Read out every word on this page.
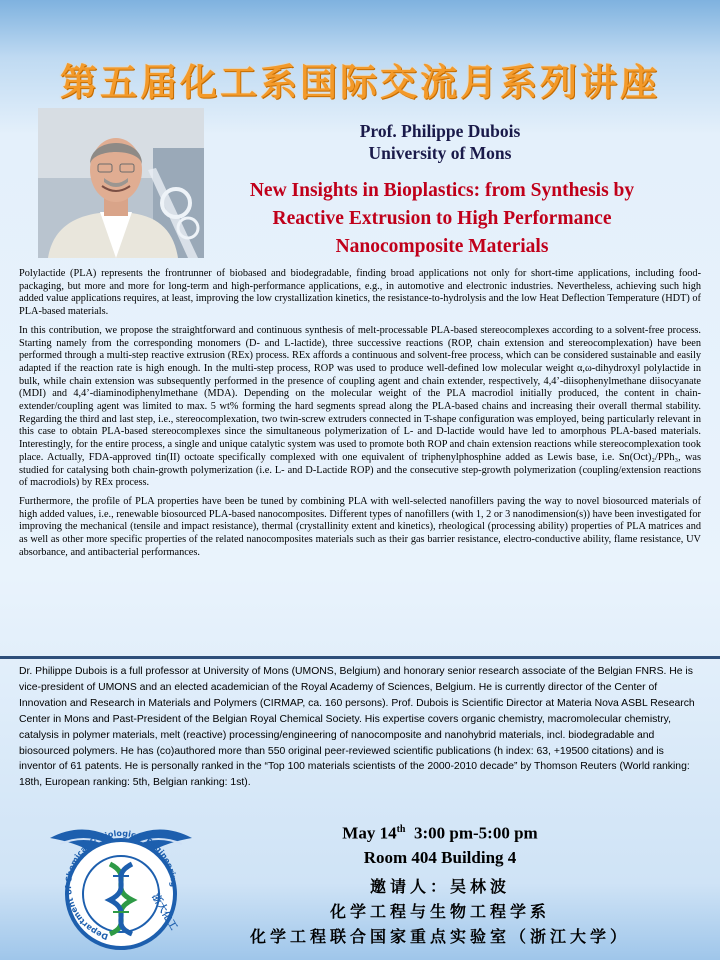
第五届化工系国际交流月系列讲座
Prof. Philippe Dubois
University of Mons
New Insights in Bioplastics: from Synthesis by Reactive Extrusion to High Performance Nanocomposite Materials

Polylactide (PLA) represents the frontrunner of biobased and biodegradable, finding broad applications not only for short-time applications, including food-packaging, but more and more for long-term and high-performance applications, e.g., in automotive and electronic industries. Nevertheless, achieving such high added value applications requires, at least, improving the low crystallization kinetics, the resistance-to-hydrolysis and the low Heat Deflection Temperature (HDT) of PLA-based materials.

In this contribution, we propose the straightforward and continuous synthesis of melt-processable PLA-based stereocomplexes according to a solvent-free process. Starting namely from the corresponding monomers (D- and L-lactide), three successive reactions (ROP, chain extension and stereocomplexation) have been performed through a multi-step reactive extrusion (REx) process. REx affords a continuous and solvent-free process, which can be considered sustainable and easily adapted if the reaction rate is high enough. In the multi-step process, ROP was used to produce well-defined low molecular weight α,ω-dihydroxyl polylactide in bulk, while chain extension was subsequently performed in the presence of coupling agent and chain extender, respectively, 4,4’-diisophenylmethane diisocyanate (MDI) and 4,4’-diaminodiphenylmethane (MDA). Depending on the molecular weight of the PLA macrodiol initially produced, the content in chain-extender/coupling agent was limited to max. 5 wt% forming the hard segments spread along the PLA-based chains and increasing their overall thermal stability. Regarding the third and last step, i.e., stereocomplexation, two twin-screw extruders connected in T-shape configuration was employed, being particularly relevant in this case to obtain PLA-based stereocomplexes since the simultaneous polymerization of L- and D-lactide would have led to amorphous PLA-based materials. Interestingly, for the entire process, a single and unique catalytic system was used to promote both ROP and chain extension reactions while stereocomplexation took place. Actually, FDA-approved tin(II) octoate specifically complexed with one equivalent of triphenylphosphine added as Lewis base, i.e. Sn(Oct)₂/PPh₃, was studied for catalysing both chain-growth polymerization (i.e. L- and D-Lactide ROP) and the consecutive step-growth polymerization (coupling/extension reactions of macrodiols) by REx process.

Furthermore, the profile of PLA properties have been be tuned by combining PLA with well-selected nanofillers paving the way to novel biosourced materials of high added values, i.e., renewable biosourced PLA-based nanocomposites. Different types of nanofillers (with 1, 2 or 3 nanodimension(s)) have been investigated for improving the mechanical (tensile and impact resistance), thermal (crystallinity extent and kinetics), rheological (processing ability) properties of PLA matrices and as well as other more specific properties of the related nanocomposites materials such as their gas barrier resistance, electro-conductive ability, flame resistance, UV absorbance, and antibacterial performances.

Dr. Philippe Dubois is a full professor at University of Mons (UMONS, Belgium) and honorary senior research associate of the Belgian FNRS. He is vice-president of UMONS and an elected academician of the Royal Academy of Sciences, Belgium. He is currently director of the Center of Innovation and Research in Materials and Polymers (CIRMAP, ca. 160 persons). Prof. Dubois is Scientific Director at Materia Nova ASBL Research Center in Mons and Past-President of the Belgian Royal Chemical Society. His expertise covers organic chemistry, macromolecular chemistry, catalysis in polymer materials, melt (reactive) processing/engineering of nanocomposite and nanohybrid materials, incl. biodegradable and biosourced polymers. He has (co)authored more than 550 original peer-reviewed scientific publications (h index: 63, +19500 citations) and is inventor of 61 patents. He is personally ranked in the “Top 100 materials scientists of the 2000-2010 decade” by Thomson Reuters (World ranking: 18th, European ranking: 5th, Belgian ranking: 1st).

Department of Chemical & Biological Engineering
浙大化工
May 14th 3:00 pm-5:00 pm
Room 404 Building 4
邀请人：吴林波
化学工程与生物工程学系
化学工程联合国家重点实验室（浙江大学）
